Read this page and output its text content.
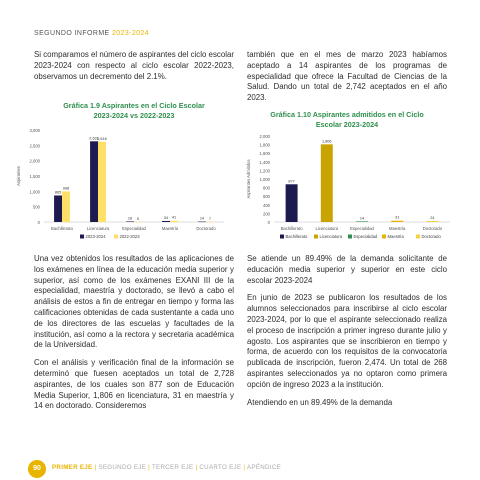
SEGUNDO INFORME 2023-2024

Si comparamos el número de aspirantes del ciclo escolar 2023-2024 con respecto al ciclo escolar 2022-2023, observamos un decremento del 2.1%.

también que en el mes de marzo 2023 habíamos aceptado a 14 aspirantes de los programas de especialidad que ofrece la Facultad de Ciencias de la Salud. Dando un total de 2,742 aceptados en el año 2023.

Gráfica 1.9 Aspirantes en el Ciclo Escolar
2023-2024 vs 2022-2023	Gráfica 1.10 Aspirantes admitidos en el Ciclo
Escolar 2023-2024
0
500
1,000
1,500
2,000
2,500
3,000
Aspirantes
Bachillerato
865
998
Licenciatura
2,631
2,616
Especialidad
18 5
Maestría
34 41
Doctorado
14 7
2023-2024	2022-2023
0
200
400
600
800
1,000
1,200
1,400
1,600
1,800
2,000
Aspirantes Admitidos
Bachillerato
877
Licenciatura
1,806
Especialidad
14
Maestría
31
Doctorado
24
Bachillerato	Licenciatura	Especialidad Maestría	Doctorado

Una vez obtenidos los resultados de las aplicaciones de los exámenes en línea de la educación media superior y superior, así como de los exámenes EXANI III de la especialidad, maestría y doctorado, se llevó a cabo el análisis de estos a fin de entregar en tiempo y forma las calificaciones obtenidas de cada sustentante a cada uno de los directores de las escuelas y facultades de la institución, así como a la rectora y secretaria académica de la Universidad.

Con el análisis y verificación final de la información se determinó que fuesen aceptados un total de 2,728 aspirantes, de los cuales son 877 son de Educación Media Superior, 1,806 en licenciatura, 31 en maestría y 14 en doctorado. Consideremos

Se atiende un 89.49% de la demanda solicitante de educación media superior y superior en este ciclo escolar 2023-2024

En junio de 2023 se publicaron los resultados de los alumnos seleccionados para inscribirse al ciclo escolar 2023-2024, por lo que el aspirante seleccionado realiza el proceso de inscripción a primer ingreso durante julio y agosto. Los aspirantes que se inscribieron en tiempo y forma, de acuerdo con los requisitos de la convocatoria publicada de inscripción, fueron 2,474. Un total de 268 aspirantes seleccionados ya no optaron como primera opción de ingreso 2023 a la institución.

Atendiendo en un 89.49% de la demanda

90	PRIMER EJE | SEGUNDO EJE | TERCER EJE | CUARTO EJE | APÉNDICE
